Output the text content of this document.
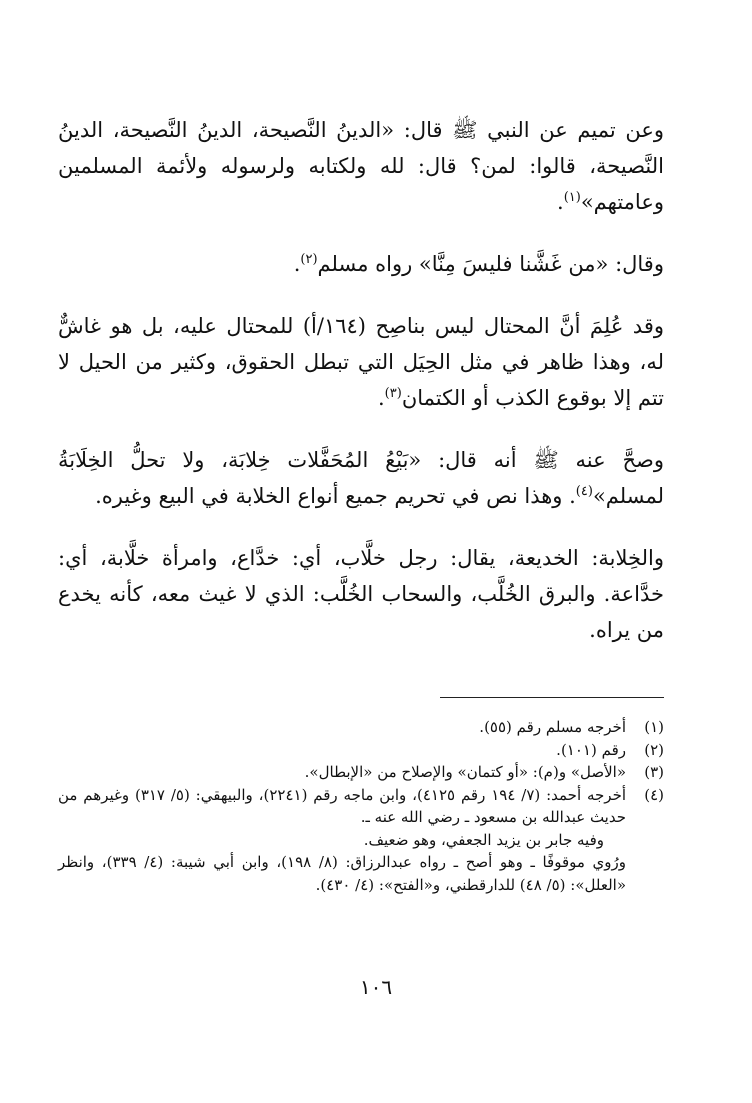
وعن تميم عن النبي ﷺ قال: «الدينُ النَّصيحة، الدينُ النَّصيحة، الدينُ النَّصيحة، قالوا: لمن؟ قال: لله ولكتابه ولرسوله ولأئمة المسلمين وعامتهم»$^{(١)}$.

وقال: «من غَشَّنا فليسَ مِنَّا» رواه مسلم$^{(٢)}$.

وقد عُلِمَ أنَّ المحتال ليس بناصِح (١٦٤/أ) للمحتال عليه، بل هو غاشٌّ له، وهذا ظاهر في مثل الحِيَل التي تبطل الحقوق، وكثير من الحيل لا تتم إلا بوقوع الكذب أو الكتمان$^{(٣)}$.

وصحَّ عنه ﷺ أنه قال: «بَيْعُ المُحَفَّلات خِلابَة، ولا تحلُّ الخِلَابَةُ لمسلم»$^{(٤)}$. وهذا نص في تحريم جميع أنواع الخلابة في البيع وغيره.

والخِلابة: الخديعة، يقال: رجل خلَّاب، أي: خدَّاع، وامرأة خلَّابة، أي: خدَّاعة. والبرق الخُلَّب، والسحاب الخُلَّب: الذي لا غيث معه، كأنه يخدع من يراه.

(١)
أخرجه مسلم رقم (٥٥).
(٢)
رقم (١٠١).
(٣)
«الأصل» و(م): «أو كتمان» والإصلاح من «الإبطال».
(٤)
أخرجه أحمد: (٧/ ١٩٤ رقم ٤١٢٥)، وابن ماجه رقم (٢٢٤١)، والبيهقي: (٥/ ٣١٧) وغيرهم من حديث عبدالله بن مسعود ـ رضي الله عنه ـ.
وفيه جابر بن يزيد الجعفي، وهو ضعيف.
ورُوي موقوفًا ـ وهو أصح ـ رواه عبدالرزاق: (٨/ ١٩٨)، وابن أبي شيبة: (٤/ ٣٣٩)، وانظر «العلل»: (٥/ ٤٨) للدارقطني، و«الفتح»: (٤/ ٤٣٠).
١٠٦
